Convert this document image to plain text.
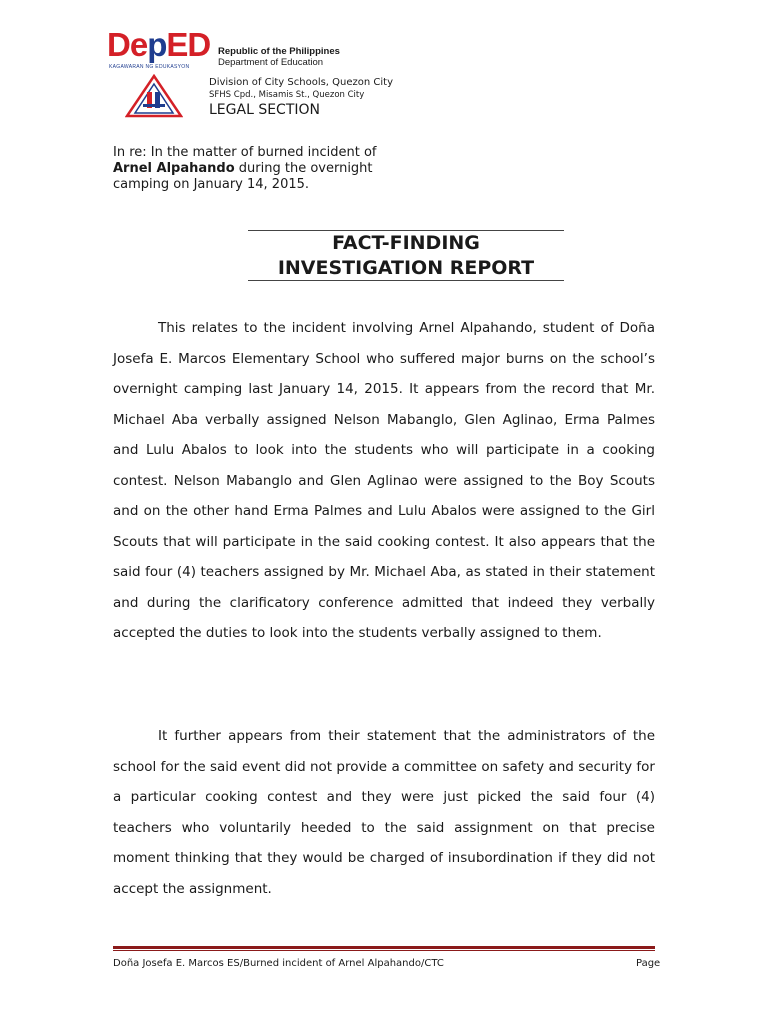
DepED
KAGAWARAN NG EDUKASYON
Republic of the Philippines
Department of Education
Division of City Schools, Quezon City
SFHS Cpd., Misamis St., Quezon City
LEGAL SECTION
In re: In the matter of burned incident of
Arnel Alpahando during the overnight
camping on January 14, 2015.
FACT-FINDING
INVESTIGATION REPORT
This relates to the incident involving Arnel Alpahando, student of Doña Josefa E. Marcos Elementary School who suffered major burns on the school’s overnight camping last January 14, 2015. It appears from the record that Mr. Michael Aba verbally assigned Nelson Mabanglo, Glen Aglinao, Erma Palmes and Lulu Abalos to look into the students who will participate in a cooking contest. Nelson Mabanglo and Glen Aglinao were assigned to the Boy Scouts and on the other hand Erma Palmes and Lulu Abalos were assigned to the Girl Scouts that will participate in the said cooking contest. It also appears that the said four (4) teachers assigned by Mr. Michael Aba, as stated in their statement and during the clarificatory conference admitted that indeed they verbally accepted the duties to look into the students verbally assigned to them.
It further appears from their statement that the administrators of the school for the said event did not provide a committee on safety and security for a particular cooking contest and they were just picked the said four (4) teachers who voluntarily heeded to the said assignment on that precise moment thinking that they would be charged of insubordination if they did not accept the assignment.
Doña Josefa E. Marcos ES/Burned incident of Arnel Alpahando/CTC	Page
